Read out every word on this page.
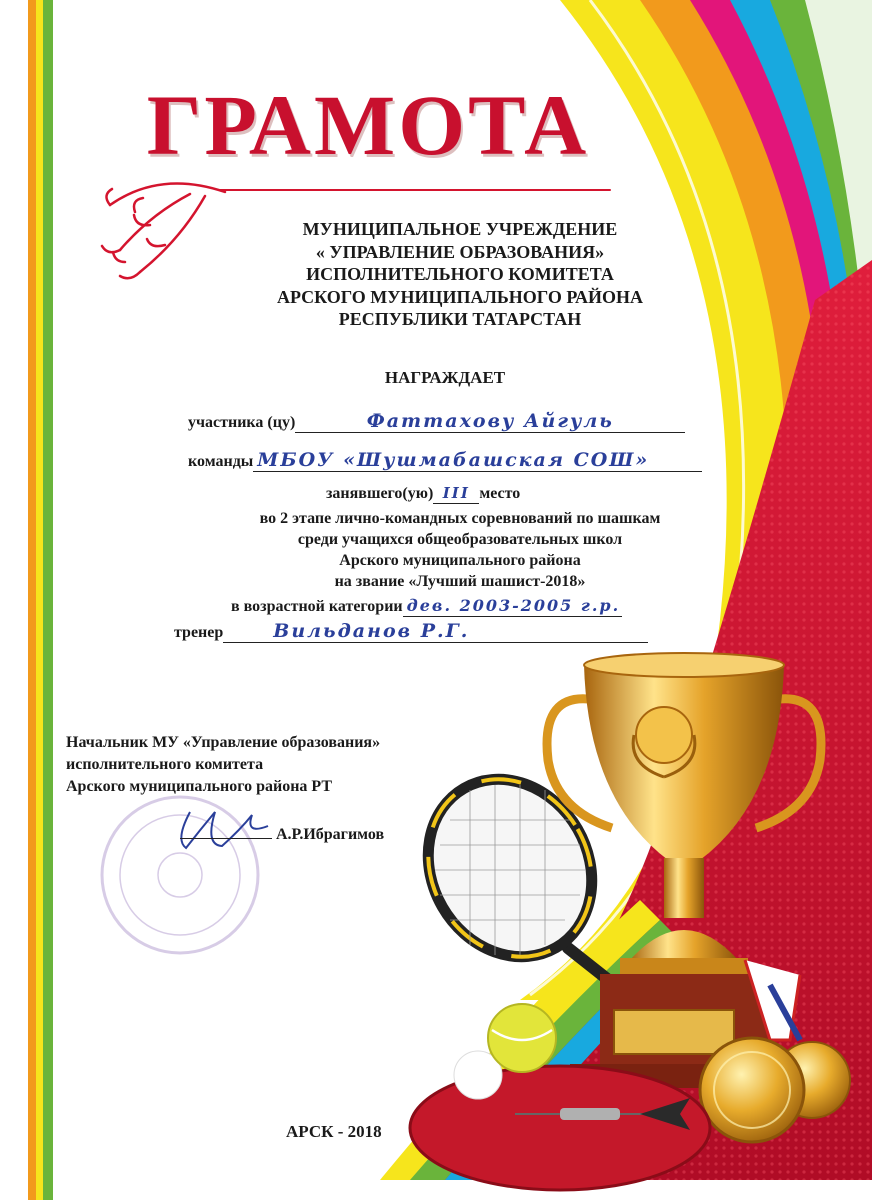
ГРАМОТА
МУНИЦИПАЛЬНОЕ УЧРЕЖДЕНИЕ
« УПРАВЛЕНИЕ ОБРАЗОВАНИЯ»
ИСПОЛНИТЕЛЬНОГО КОМИТЕТА
АРСКОГО МУНИЦИПАЛЬНОГО РАЙОНА
РЕСПУБЛИКИ ТАТАРСТАН
НАГРАЖДАЕТ
участника (цу)	Фаттахову Айгуль
команды МБОУ «Шушмабашская СОШ»
занявшего(ую) III место
во 2 этапе лично-командных соревнований по шашкам
среди учащихся общеобразовательных школ
Арского муниципального района
на звание «Лучший шашист-2018»
в возрастной категории дев. 2003-2005 г.р.
тренер	Вильданов Р.Г.
Начальник МУ «Управление образования»
исполнительного комитета
Арского муниципального района РТ
А.Р.Ибрагимов
АРСК - 2018
